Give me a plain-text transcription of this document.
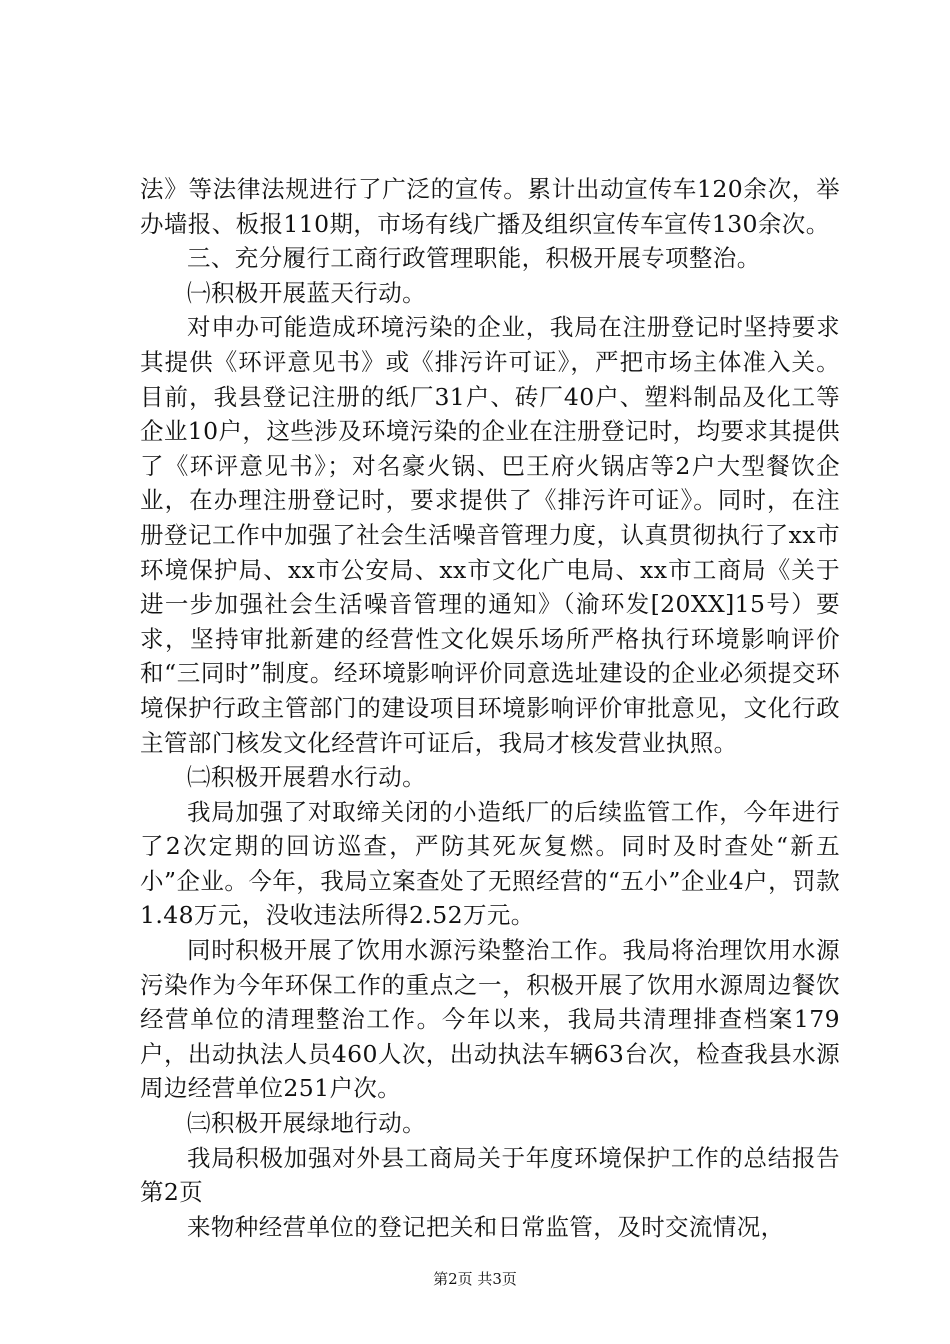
法》等法律法规进行了广泛的宣传。累计出动宣传车120余次，举办墙报、板报110期，市场有线广播及组织宣传车宣传130余次。

三、充分履行工商行政管理职能，积极开展专项整治。

㈠积极开展蓝天行动。

对申办可能造成环境污染的企业，我局在注册登记时坚持要求其提供《环评意见书》或《排污许可证》，严把市场主体准入关。目前，我县登记注册的纸厂31户、砖厂40户、塑料制品及化工等企业10户，这些涉及环境污染的企业在注册登记时，均要求其提供了《环评意见书》；对名豪火锅、巴王府火锅店等2户大型餐饮企业，在办理注册登记时，要求提供了《排污许可证》。同时，在注册登记工作中加强了社会生活噪音管理力度，认真贯彻执行了xx市环境保护局、xx市公安局、xx市文化广电局、xx市工商局《关于进一步加强社会生活噪音管理的通知》（渝环发[20XX]15号）要求，坚持审批新建的经营性文化娱乐场所严格执行环境影响评价和“三同时”制度。经环境影响评价同意选址建设的企业必须提交环境保护行政主管部门的建设项目环境影响评价审批意见，文化行政主管部门核发文化经营许可证后，我局才核发营业执照。

㈡积极开展碧水行动。

我局加强了对取缔关闭的小造纸厂的后续监管工作，今年进行了2次定期的回访巡查，严防其死灰复燃。同时及时查处“新五小”企业。今年，我局立案查处了无照经营的“五小”企业4户，罚款1.48万元，没收违法所得2.52万元。

同时积极开展了饮用水源污染整治工作。我局将治理饮用水源污染作为今年环保工作的重点之一，积极开展了饮用水源周边餐饮经营单位的清理整治工作。今年以来，我局共清理排查档案179户，出动执法人员460人次，出动执法车辆63台次，检查我县水源周边经营单位251户次。

㈢积极开展绿地行动。

我局积极加强对外县工商局关于年度环境保护工作的总结报告第2页

来物种经营单位的登记把关和日常监管，及时交流情况，

第2页 共3页
